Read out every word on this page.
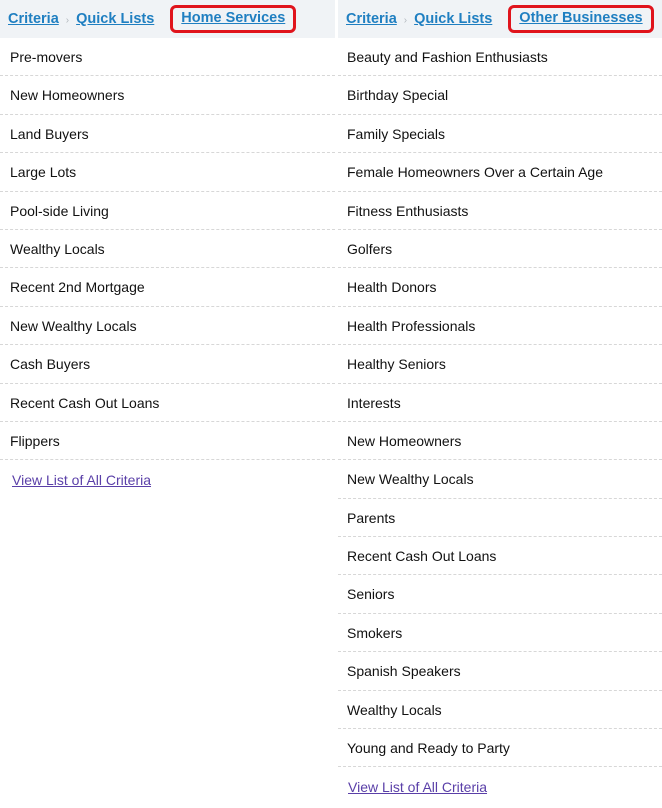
Criteria › Quick Lists	Home Services
Pre-movers
New Homeowners
Land Buyers
Large Lots
Pool-side Living
Wealthy Locals
Recent 2nd Mortgage
New Wealthy Locals
Cash Buyers
Recent Cash Out Loans
Flippers
View List of All Criteria
Criteria › Quick Lists	Other Businesses
Beauty and Fashion Enthusiasts
Birthday Special
Family Specials
Female Homeowners Over a Certain Age
Fitness Enthusiasts
Golfers
Health Donors
Health Professionals
Healthy Seniors
Interests
New Homeowners
New Wealthy Locals
Parents
Recent Cash Out Loans
Seniors
Smokers
Spanish Speakers
Wealthy Locals
Young and Ready to Party
View List of All Criteria
